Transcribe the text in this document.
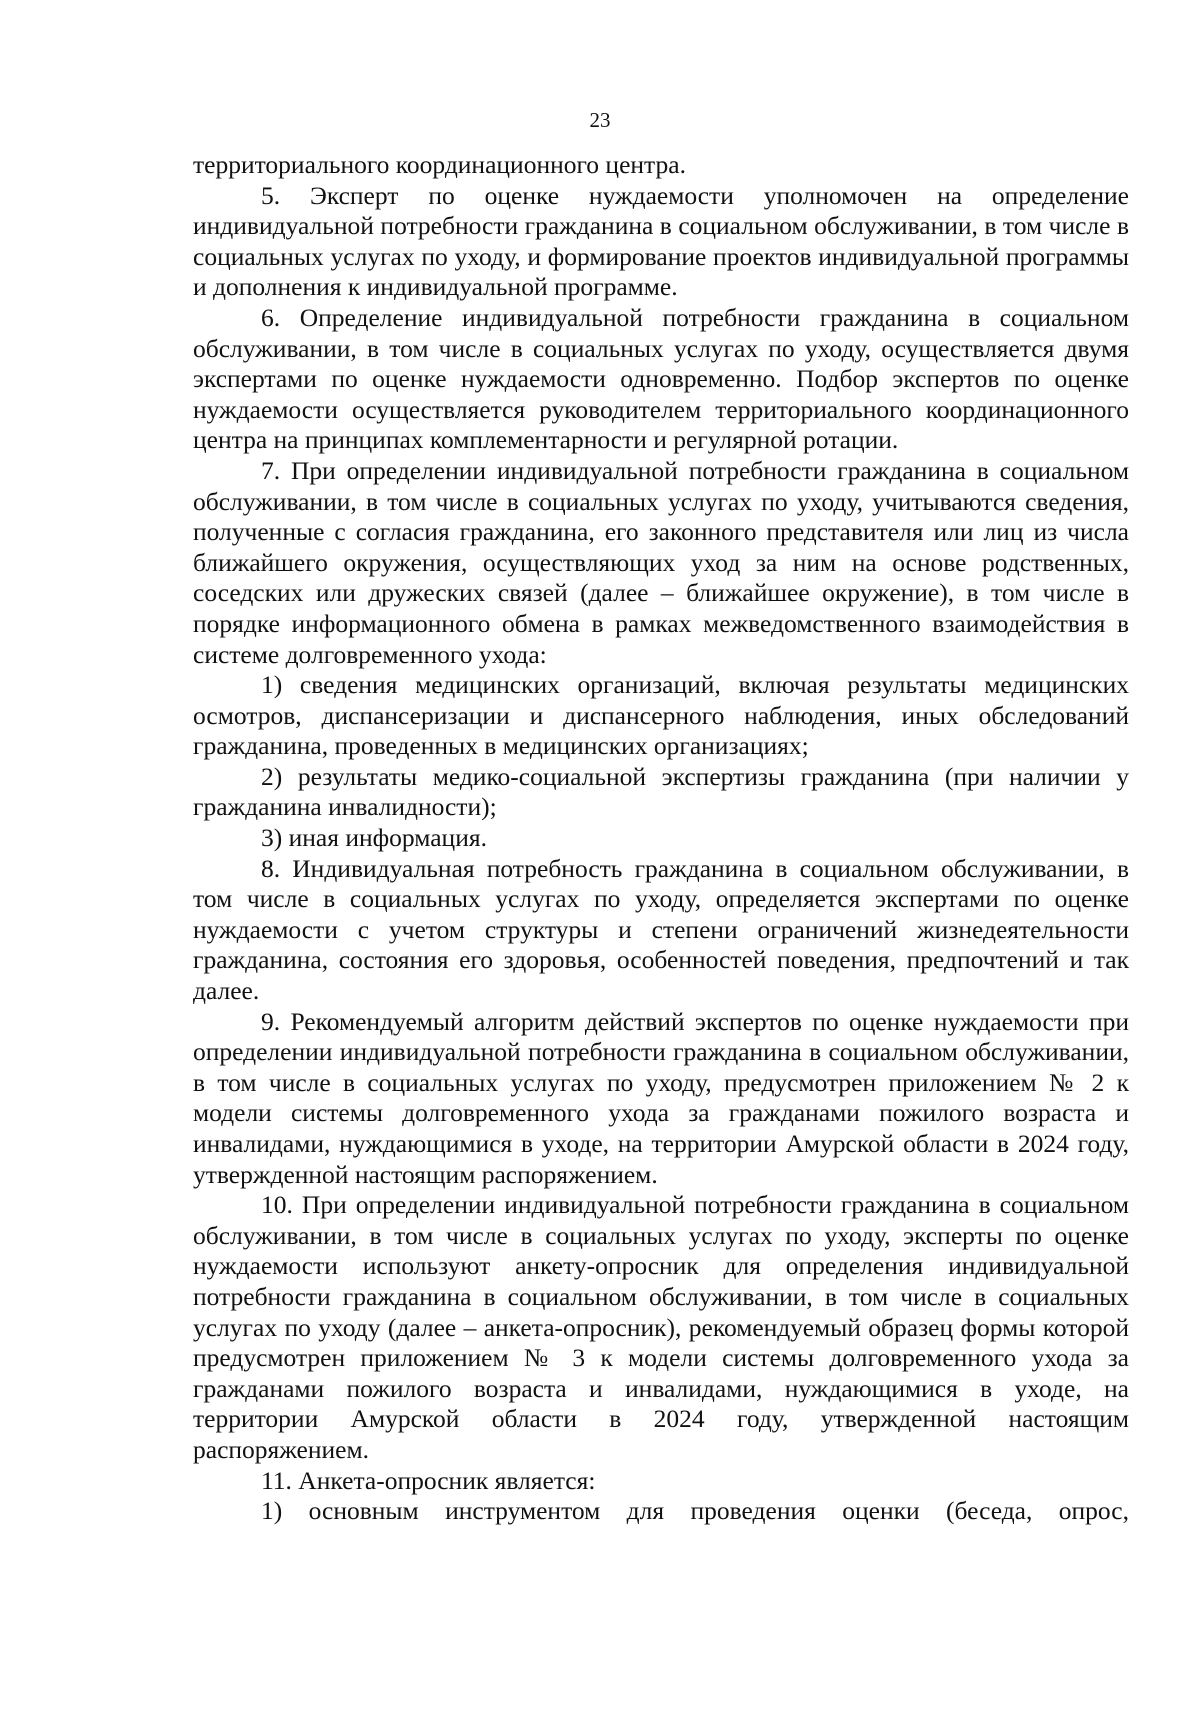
23

территориального координационного центра.

5. Эксперт по оценке нуждаемости уполномочен на определение индивидуальной потребности гражданина в социальном обслуживании, в том числе в социальных услугах по уходу, и формирование проектов индивидуальной программы и дополнения к индивидуальной программе.

6. Определение индивидуальной потребности гражданина в социальном обслуживании, в том числе в социальных услугах по уходу, осуществляется двумя экспертами по оценке нуждаемости одновременно. Подбор экспертов по оценке нуждаемости осуществляется руководителем территориального координационного центра на принципах комплементарности и регулярной ротации.

7. При определении индивидуальной потребности гражданина в социальном обслуживании, в том числе в социальных услугах по уходу, учитываются сведения, полученные с согласия гражданина, его законного представителя или лиц из числа ближайшего окружения, осуществляющих уход за ним на основе родственных, соседских или дружеских связей (далее – ближайшее окружение), в том числе в порядке информационного обмена в рамках межведомственного взаимодействия в системе долговременного ухода:

1) сведения медицинских организаций, включая результаты медицинских осмотров, диспансеризации и диспансерного наблюдения, иных обследований гражданина, проведенных в медицинских организациях;

2) результаты медико-социальной экспертизы гражданина (при наличии у гражданина инвалидности);

3) иная информация.

8. Индивидуальная потребность гражданина в социальном обслуживании, в том числе в социальных услугах по уходу, определяется экспертами по оценке нуждаемости с учетом структуры и степени ограничений жизнедеятельности гражданина, состояния его здоровья, особенностей поведения, предпочтений и так далее.

9. Рекомендуемый алгоритм действий экспертов по оценке нуждаемости при определении индивидуальной потребности гражданина в социальном обслуживании, в том числе в социальных услугах по уходу, предусмотрен приложением № 2 к модели системы долговременного ухода за гражданами пожилого возраста и инвалидами, нуждающимися в уходе, на территории Амурской области в 2024 году, утвержденной настоящим распоряжением.

10. При определении индивидуальной потребности гражданина в социальном обслуживании, в том числе в социальных услугах по уходу, эксперты по оценке нуждаемости используют анкету-опросник для определения индивидуальной потребности гражданина в социальном обслуживании, в том числе в социальных услугах по уходу (далее – анкета-опросник), рекомендуемый образец формы которой предусмотрен приложением № 3 к модели системы долговременного ухода за гражданами пожилого возраста и инвалидами, нуждающимися в уходе, на территории Амурской области в 2024 году, утвержденной настоящим распоряжением.

11. Анкета-опросник является:

1) основным инструментом для проведения оценки (беседа, опрос,
